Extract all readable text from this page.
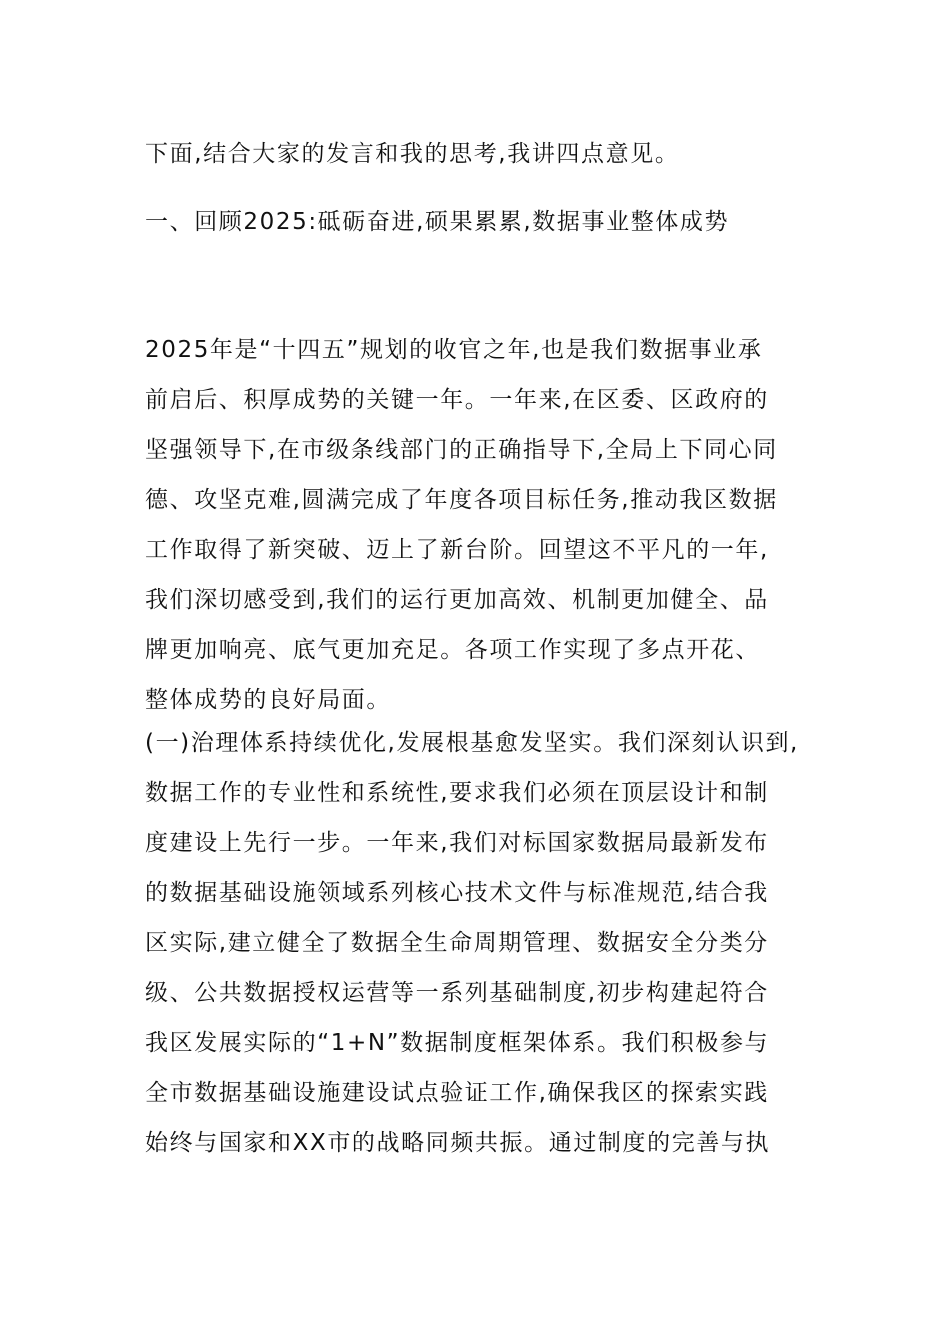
下面,结合大家的发言和我的思考,我讲四点意见。
一、回顾2025:砥砺奋进,硕果累累,数据事业整体成势
2025年是“十四五”规划的收官之年,也是我们数据事业承
前启后、积厚成势的关键一年。一年来,在区委、区政府的
坚强领导下,在市级条线部门的正确指导下,全局上下同心同
德、攻坚克难,圆满完成了年度各项目标任务,推动我区数据
工作取得了新突破、迈上了新台阶。回望这不平凡的一年,
我们深切感受到,我们的运行更加高效、机制更加健全、品
牌更加响亮、底气更加充足。各项工作实现了多点开花、
整体成势的良好局面。
(一)治理体系持续优化,发展根基愈发坚实。我们深刻认识到,
数据工作的专业性和系统性,要求我们必须在顶层设计和制
度建设上先行一步。一年来,我们对标国家数据局最新发布
的数据基础设施领域系列核心技术文件与标准规范,结合我
区实际,建立健全了数据全生命周期管理、数据安全分类分
级、公共数据授权运营等一系列基础制度,初步构建起符合
我区发展实际的“1+N”数据制度框架体系。我们积极参与
全市数据基础设施建设试点验证工作,确保我区的探索实践
始终与国家和XX市的战略同频共振。通过制度的完善与执
